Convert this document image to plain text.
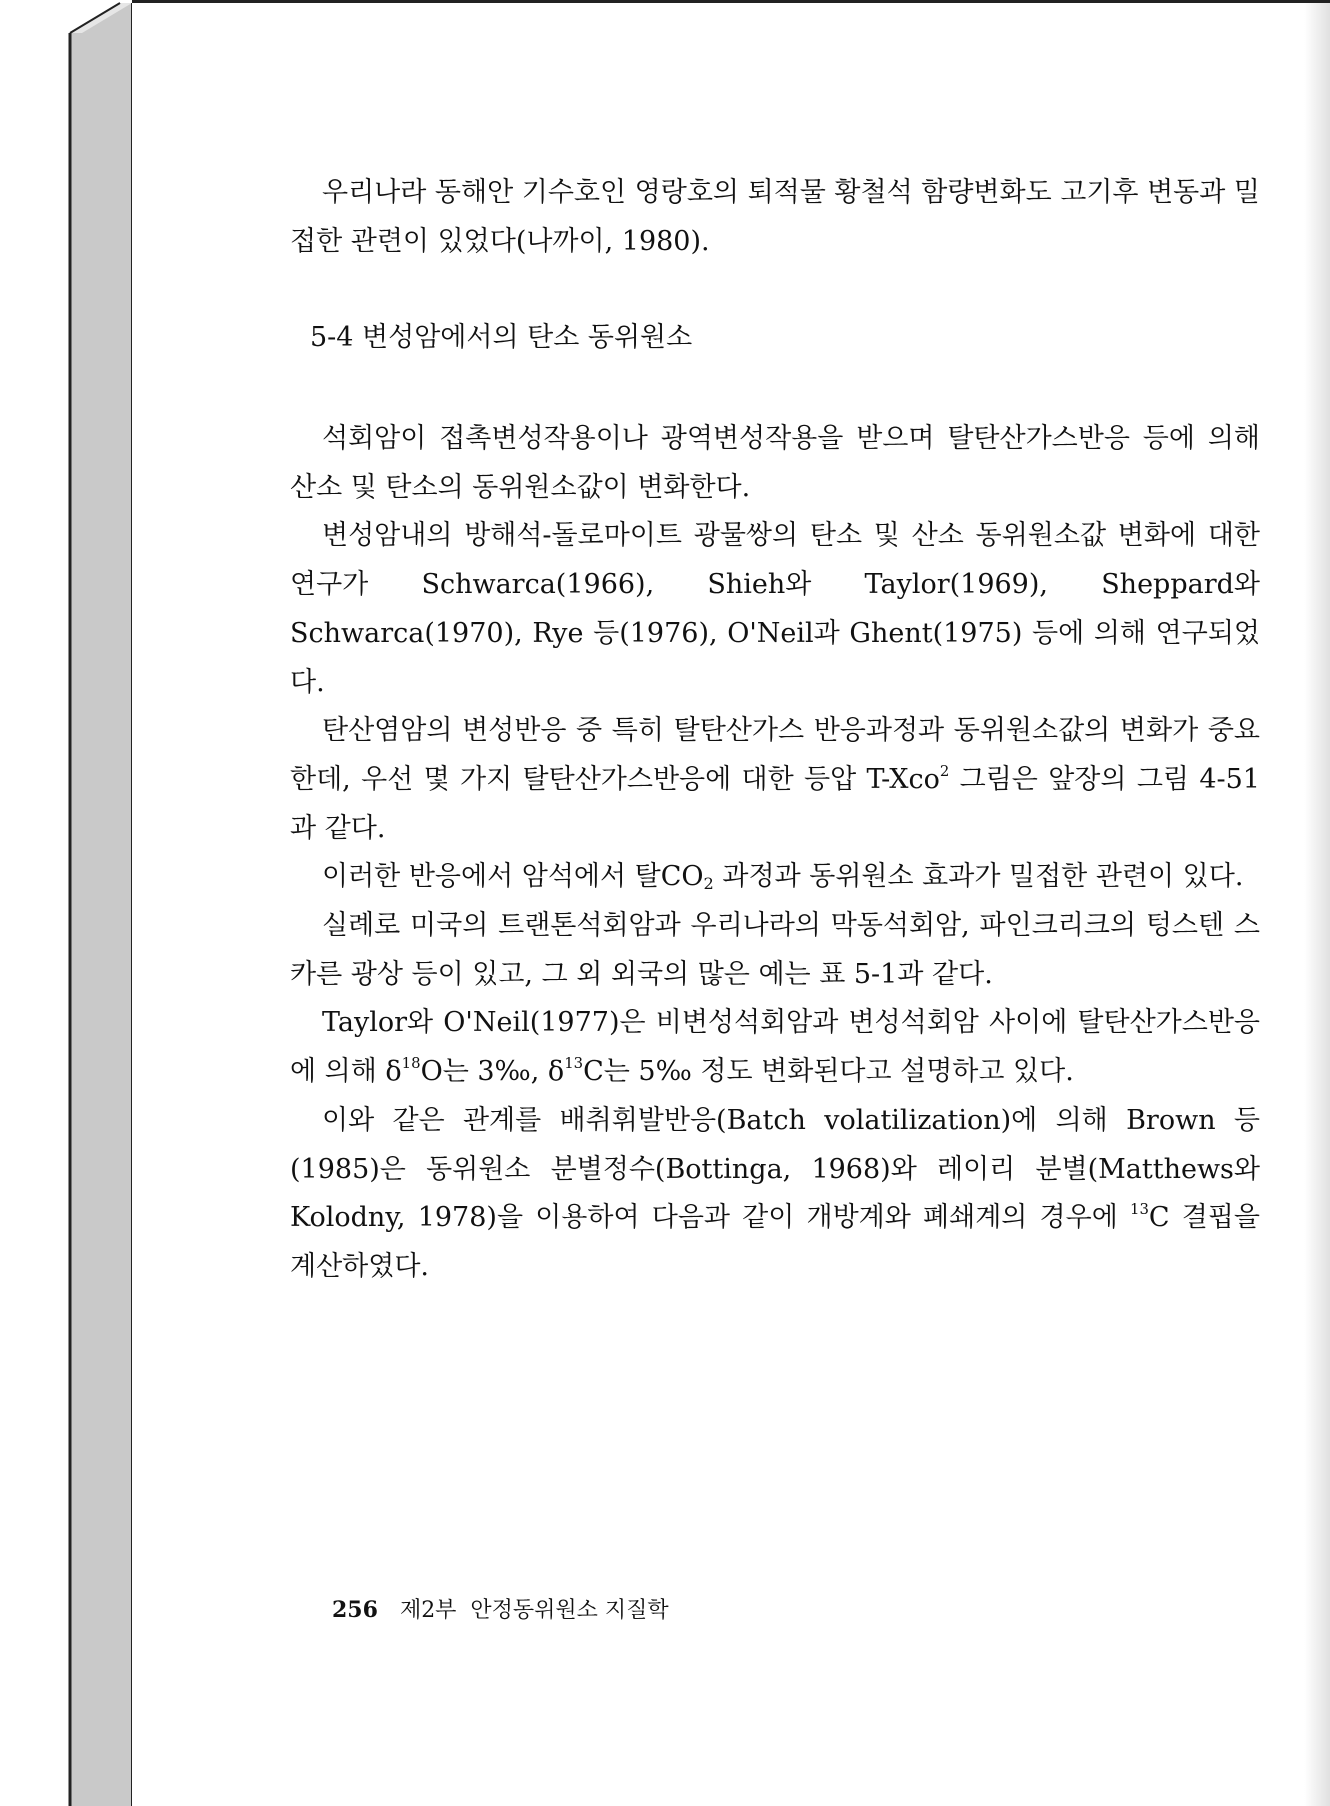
우리나라 동해안 기수호인 영랑호의 퇴적물 황철석 함량변화도 고기후 변동과 밀접한 관련이 있었다(나까이, 1980).

5-4 변성암에서의 탄소 동위원소

석회암이 접촉변성작용이나 광역변성작용을 받으며 탈탄산가스반응 등에 의해 산소 및 탄소의 동위원소값이 변화한다.

변성암내의 방해석-돌로마이트 광물쌍의 탄소 및 산소 동위원소값 변화에 대한 연구가 Schwarca(1966), Shieh와 Taylor(1969), Sheppard와 Schwarca(1970), Rye 등(1976), O'Neil과 Ghent(1975) 등에 의해 연구되었다.

탄산염암의 변성반응 중 특히 탈탄산가스 반응과정과 동위원소값의 변화가 중요한데, 우선 몇 가지 탈탄산가스반응에 대한 등압 T-Xco$^2$ 그림은 앞장의 그림 4-51과 같다.

이러한 반응에서 암석에서 탈$CO_2$ 과정과 동위원소 효과가 밀접한 관련이 있다.

실례로 미국의 트랜톤석회암과 우리나라의 막동석회암, 파인크리크의 텅스텐 스카른 광상 등이 있고, 그 외 외국의 많은 예는 표 5-1과 같다.

Taylor와 O'Neil(1977)은 비변성석회암과 변성석회암 사이에 탈탄산가스반응에 의해 $\delta^{18}O$는 3‰, $\delta^{13}C$는 5‰ 정도 변화된다고 설명하고 있다.

이와 같은 관계를 배취휘발반응(Batch volatilization)에 의해 Brown 등(1985)은 동위원소 분별정수(Bottinga, 1968)와 레이리 분별(Matthews와 Kolodny, 1978)을 이용하여 다음과 같이 개방계와 폐쇄계의 경우에 $^{13}$C 결핍을 계산하였다.

256 제2부  안정동위원소 지질학
